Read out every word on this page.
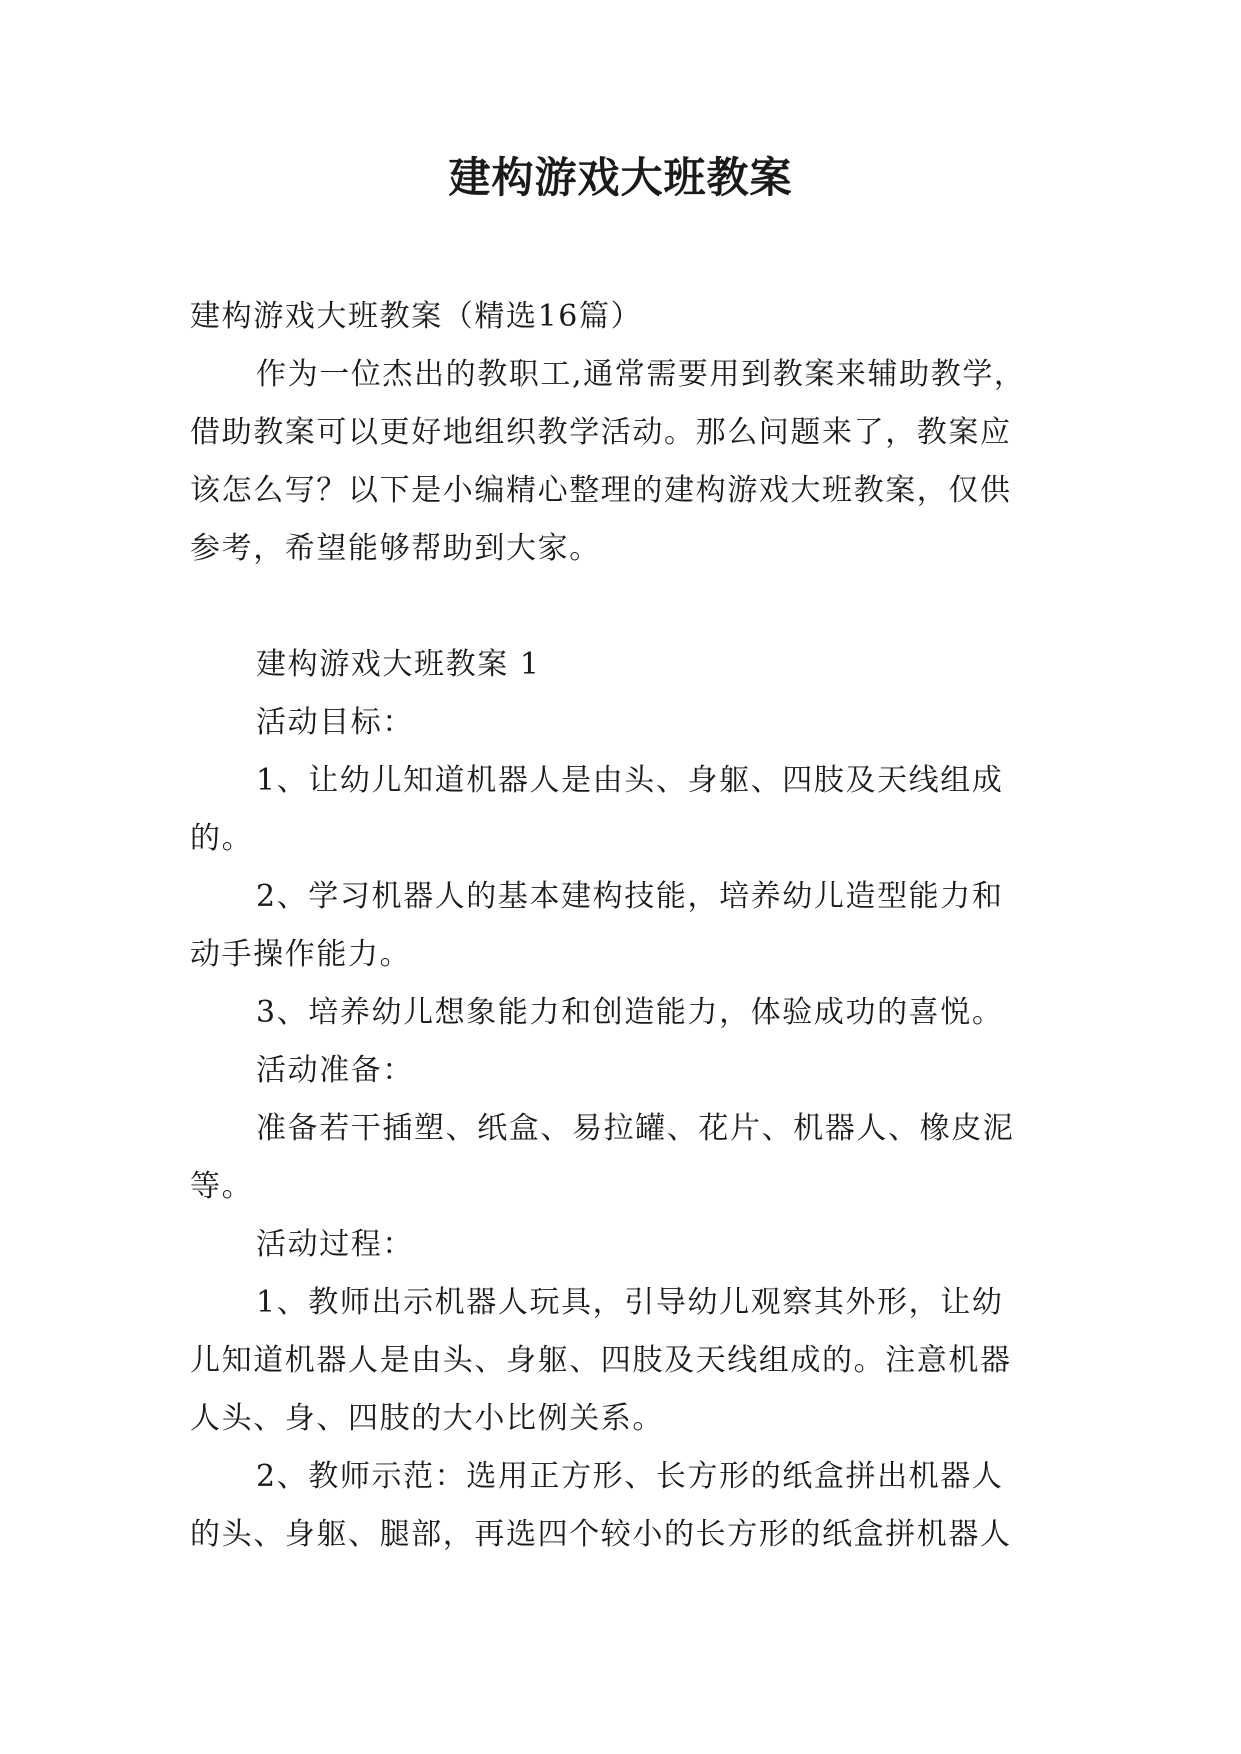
建构游戏大班教案
建构游戏大班教案（精选16篇）
作为一位杰出的教职工,通常需要用到教案来辅助教学，
借助教案可以更好地组织教学活动。那么问题来了，教案应
该怎么写？以下是小编精心整理的建构游戏大班教案，仅供
参考，希望能够帮助到大家。
建构游戏大班教案 1
活动目标：
1、让幼儿知道机器人是由头、身躯、四肢及天线组成
的。
2、学习机器人的基本建构技能，培养幼儿造型能力和
动手操作能力。
3、培养幼儿想象能力和创造能力，体验成功的喜悦。
活动准备：
准备若干插塑、纸盒、易拉罐、花片、机器人、橡皮泥
等。
活动过程：
1、教师出示机器人玩具，引导幼儿观察其外形，让幼
儿知道机器人是由头、身躯、四肢及天线组成的。注意机器
人头、身、四肢的大小比例关系。
2、教师示范：选用正方形、长方形的纸盒拼出机器人
的头、身躯、腿部，再选四个较小的长方形的纸盒拼机器人
